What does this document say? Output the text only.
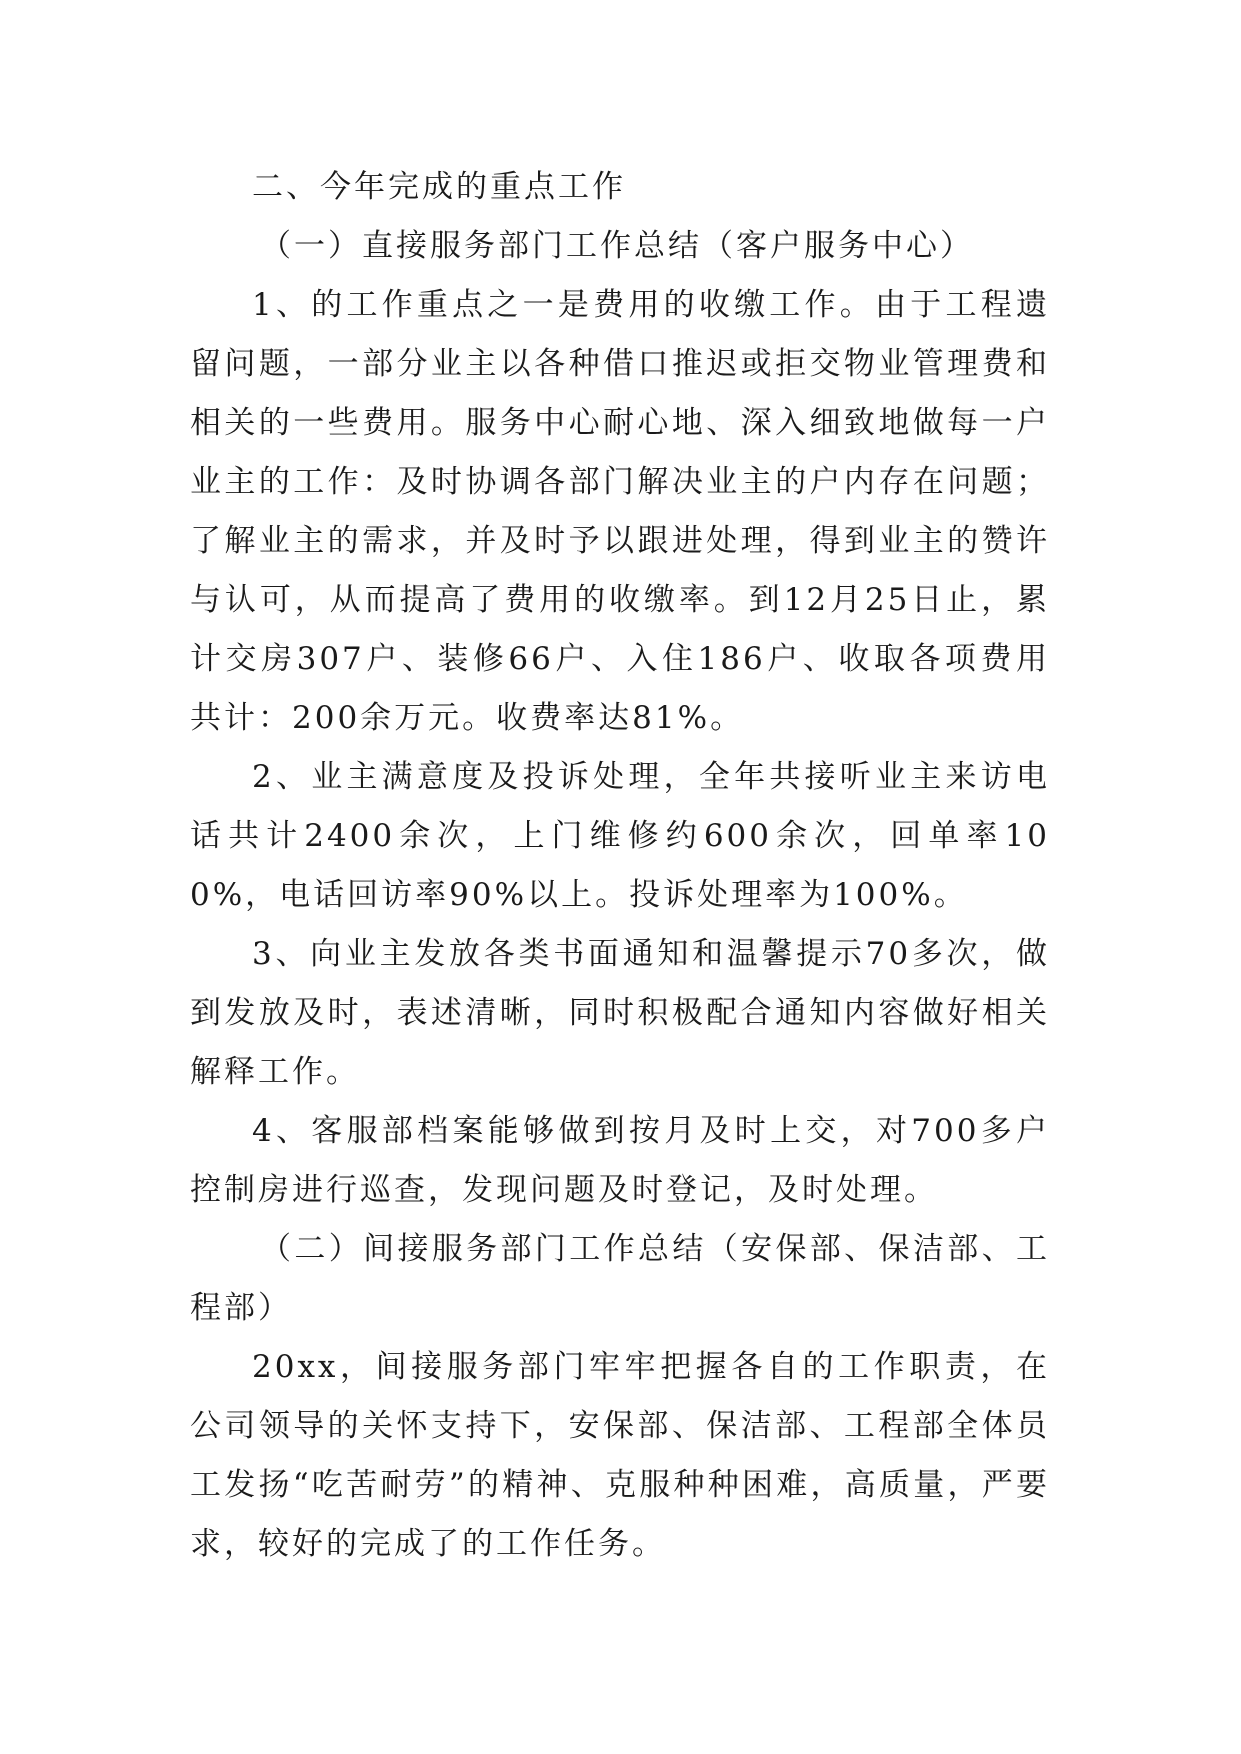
二、今年完成的重点工作

（一）直接服务部门工作总结（客户服务中心）

1、的工作重点之一是费用的收缴工作。由于工程遗留问题，一部分业主以各种借口推迟或拒交物业管理费和相关的一些费用。服务中心耐心地、深入细致地做每一户业主的工作：及时协调各部门解决业主的户内存在问题；了解业主的需求，并及时予以跟进处理，得到业主的赞许与认可，从而提高了费用的收缴率。到12月25日止，累计交房307户、装修66户、入住186户、收取各项费用共计：200余万元。收费率达81%。

2、业主满意度及投诉处理，全年共接听业主来访电话共计2400余次，上门维修约600余次，回单率100%，电话回访率90%以上。投诉处理率为100%。

3、向业主发放各类书面通知和温馨提示70多次，做到发放及时，表述清晰，同时积极配合通知内容做好相关解释工作。

4、客服部档案能够做到按月及时上交，对700多户控制房进行巡查，发现问题及时登记，及时处理。

（二）间接服务部门工作总结（安保部、保洁部、工程部）

20xx，间接服务部门牢牢把握各自的工作职责，在公司领导的关怀支持下，安保部、保洁部、工程部全体员工发扬“吃苦耐劳”的精神、克服种种困难，高质量，严要求，较好的完成了的工作任务。
